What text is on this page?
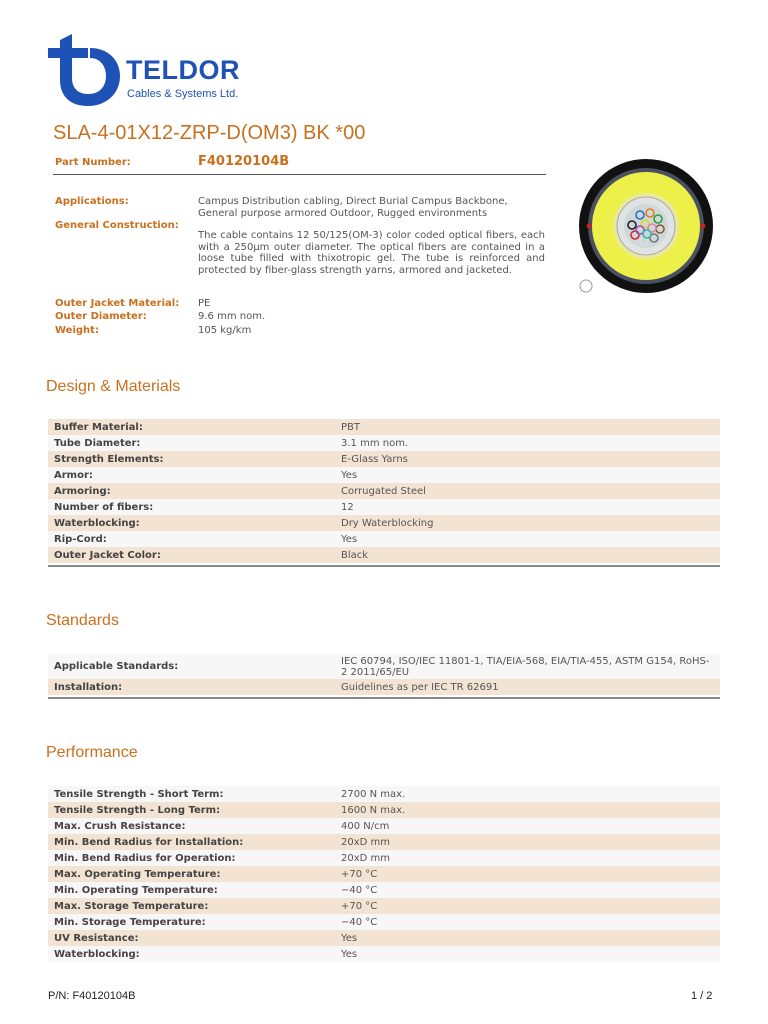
TELDOR
Cables & Systems Ltd.
SLA-4-01X12-ZRP-D(OM3) BK *00
Part Number:	F40120104B
Applications:	Campus Distribution cabling, Direct Burial Campus Backbone, General purpose armored Outdoor, Rugged environments
General Construction:
The cable contains 12 50/125(OM-3) color coded optical fibers, each with a 250µm outer diameter. The optical fibers are contained in a loose tube filled with thixotropic gel. The tube is reinforced and protected by fiber-glass strength yarns, armored and jacketed.
Outer Jacket Material: PE
Outer Diameter:	9.6 mm nom.
Weight:	105 kg/km
Design & Materials
Buffer Material:	PBT
Tube Diameter:	3.1 mm nom.
Strength Elements:	E-Glass Yarns
Armor:	Yes
Armoring:	Corrugated Steel
Number of fibers:	12
Waterblocking:	Dry Waterblocking
Rip-Cord:	Yes
Outer Jacket Color:	Black
Standards
Applicable Standards:	IEC 60794, ISO/IEC 11801-1, TIA/EIA-568, EIA/TIA-455, ASTM G154, RoHS-2 2011/65/EU
Installation:	Guidelines as per IEC TR 62691
Performance
Tensile Strength - Short Term:	2700 N max.
Tensile Strength - Long Term:	1600 N max.
Max. Crush Resistance:	400 N/cm
Min. Bend Radius for Installation:	20xD mm
Min. Bend Radius for Operation:	20xD mm
Max. Operating Temperature:	+70 °C
Min. Operating Temperature:	−40 °C
Max. Storage Temperature:	+70 °C
Min. Storage Temperature:	−40 °C
UV Resistance:	Yes
Waterblocking:	Yes
P/N: F40120104B	1 / 2
